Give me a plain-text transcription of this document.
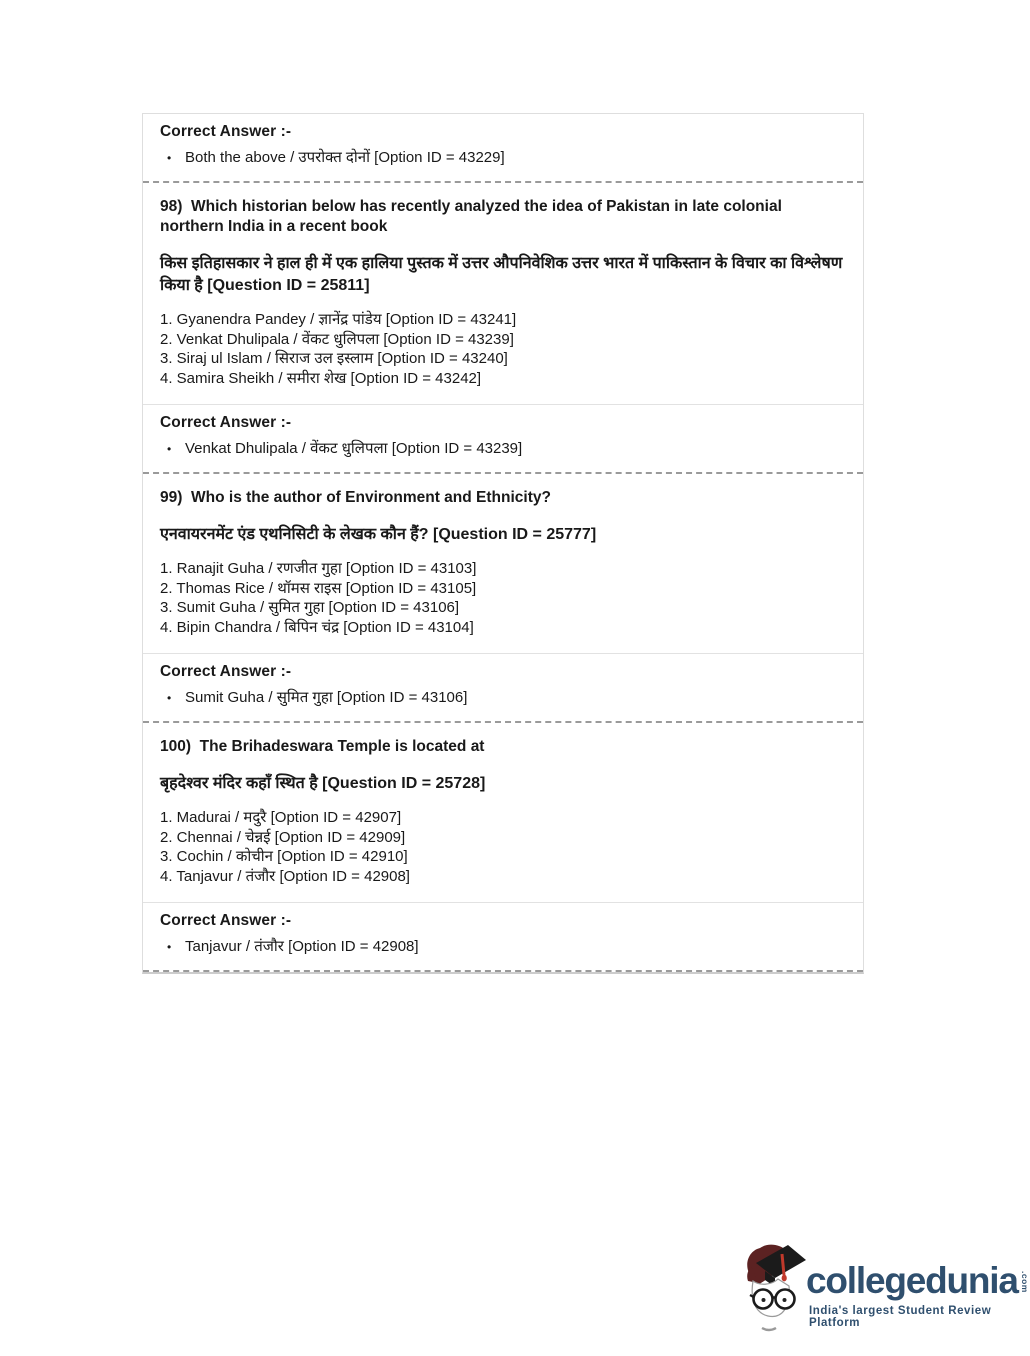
Correct Answer :-
• Both the above / उपरोक्त दोनों [Option ID = 43229]
98)  Which historian below has recently analyzed the idea of Pakistan in late colonial northern India in a recent book
किस इतिहासकार ने हाल ही में एक हालिया पुस्तक में उत्तर औपनिवेशिक उत्तर भारत में पाकिस्तान के विचार का विश्लेषण किया है [Question ID = 25811]
1. Gyanendra Pandey / ज्ञानेंद्र पांडेय [Option ID = 43241]
2. Venkat Dhulipala / वेंकट धुलिपला [Option ID = 43239]
3. Siraj ul Islam / सिराज उल इस्लाम [Option ID = 43240]
4. Samira Sheikh / समीरा शेख [Option ID = 43242]
Correct Answer :-
• Venkat Dhulipala / वेंकट धुलिपला [Option ID = 43239]
99)  Who is the author of Environment and Ethnicity?
एनवायरनमेंट एंड एथनिसिटी के लेखक कौन हैं? [Question ID = 25777]
1. Ranajit Guha / रणजीत गुहा [Option ID = 43103]
2. Thomas Rice / थॉमस राइस [Option ID = 43105]
3. Sumit Guha / सुमित गुहा [Option ID = 43106]
4. Bipin Chandra / बिपिन चंद्र [Option ID = 43104]
Correct Answer :-
• Sumit Guha / सुमित गुहा [Option ID = 43106]
100)  The Brihadeswara Temple is located at
बृहदेश्वर मंदिर कहाँ स्थित है [Question ID = 25728]
1. Madurai / मदुरै [Option ID = 42907]
2. Chennai / चेन्नई [Option ID = 42909]
3. Cochin / कोचीन [Option ID = 42910]
4. Tanjavur / तंजौर [Option ID = 42908]
Correct Answer :-
• Tanjavur / तंजौर [Option ID = 42908]
collegedunia .com
India's largest Student Review Platform
